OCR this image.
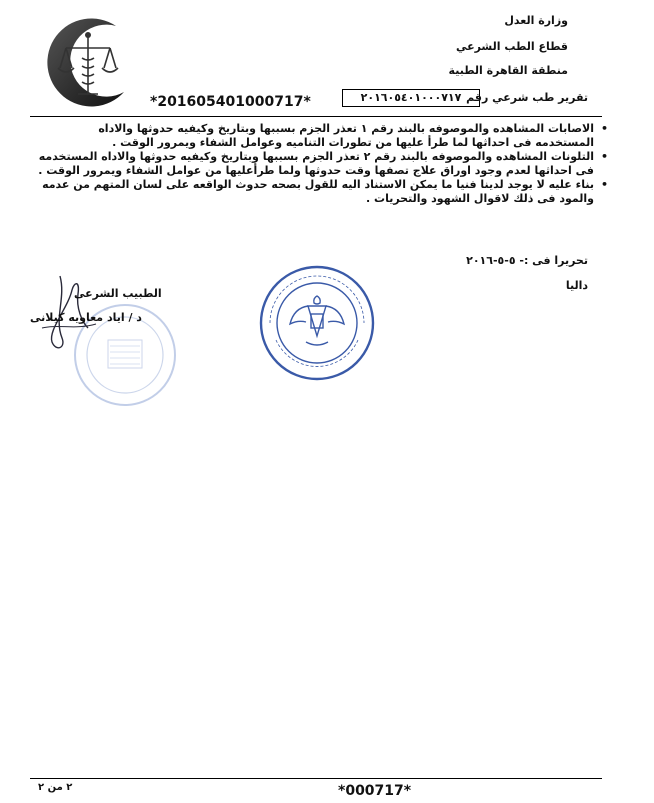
وزارة العدل
قطاع الطب الشرعي
منطقة القاهرة الطبية
*201605401000717*	٢٠١٦٠٥٤٠١٠٠٠٧١٧ تقرير طب شرعي رقم
•
الاصابات المشاهده والموصوفه بالبند رقم ١ تعذر الجزم بسببها وبتاريخ وكيفيه حدوثها والاداه المستخدمه فى احداثها لما طرأ عليها من تطورات التناميه وعوامل الشفاء ويمرور الوقت .
•
التلونات المشاهده والموصوفه بالبند رقم ٢ تعذر الجزم بسببها وبتاريخ وكيفيه حدوثها والاداه المستخدمه فى احداثها لعدم وجود اوراق علاج تصفها وقت حدوثها ولما طرأعليها من عوامل الشفاء ويمرور الوقت .
•
بناء عليه لا يوجد لدينا فنيا ما يمكن الاستناد اليه للقول بصحه حدوث الواقعه على لسان المتهم من عدمه والمود فى ذلك لاقوال الشهود والتحريات .
تحريرا فى :- ٥-٥-٢٠١٦
داليا
الطبيب الشرعى
د / اياد معاويه كيلانى
٢ من ٢	*000717*
